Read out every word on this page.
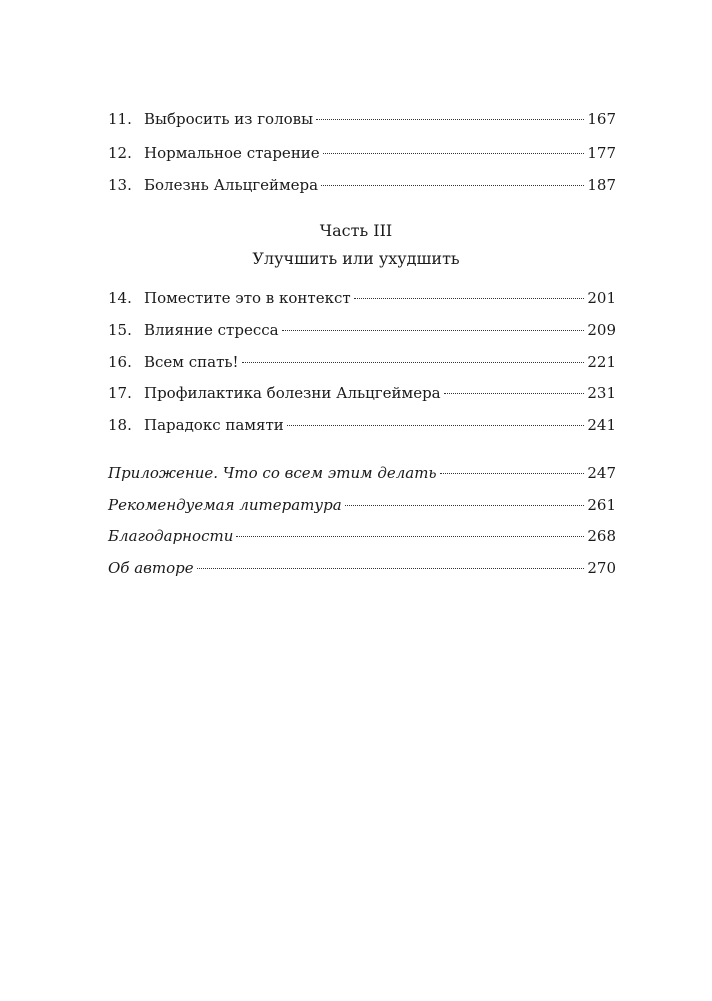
11. Выбросить из головы	167
12. Нормальное старение	177
13. Болезнь Альцгеймера	187
Часть III
Улучшить или ухудшить
14. Поместите это в контекст	201
15. Влияние стресса	209
16. Всем спать!	221
17. Профилактика болезни Альцгеймера	231
18. Парадокс памяти	241
Приложение. Что со всем этим делать	247
Рекомендуемая литература	261
Благодарности	268
Об авторе	270
